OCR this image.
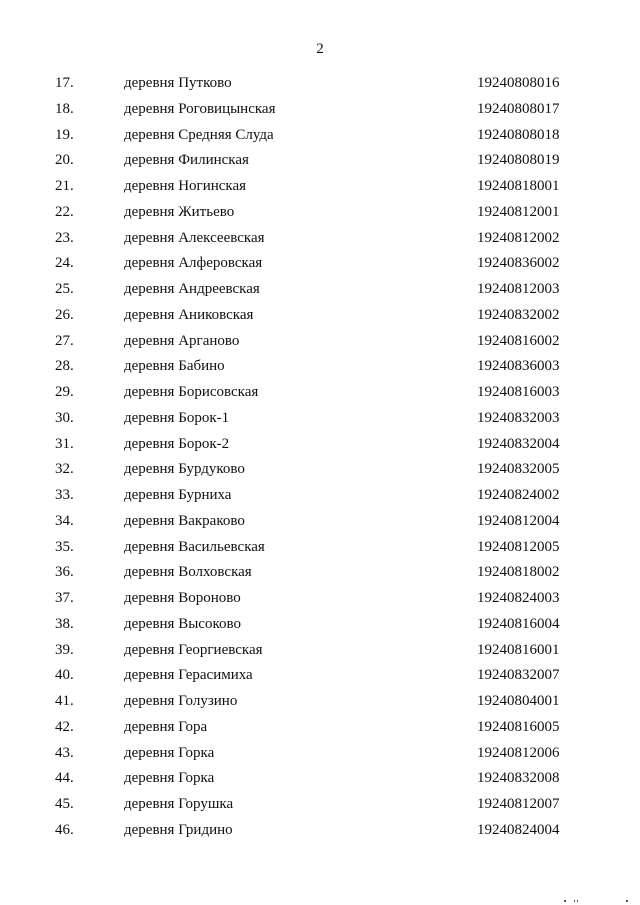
2
17.	деревня Путково	19240808016
18.	деревня Роговицынская	19240808017
19.	деревня Средняя Слуда	19240808018
20.	деревня Филинская	19240808019
21.	деревня Ногинская	19240818001
22.	деревня Житьево	19240812001
23.	деревня Алексеевская	19240812002
24.	деревня Алферовская	19240836002
25.	деревня Андреевская	19240812003
26.	деревня Аниковская	19240832002
27.	деревня Арганово	19240816002
28.	деревня Бабино	19240836003
29.	деревня Борисовская	19240816003
30.	деревня Борок-1	19240832003
31.	деревня Борок-2	19240832004
32.	деревня Бурдуково	19240832005
33.	деревня Бурниха	19240824002
34.	деревня Вакраково	19240812004
35.	деревня Васильевская	19240812005
36.	деревня Волховская	19240818002
37.	деревня Вороново	19240824003
38.	деревня Высоково	19240816004
39.	деревня Георгиевская	19240816001
40.	деревня Герасимиха	19240832007
41.	деревня Голузино	19240804001
42.	деревня Гора	19240816005
43.	деревня Горка	19240812006
44.	деревня Горка	19240832008
45.	деревня Горушка	19240812007
46.	деревня Гридино	19240824004
